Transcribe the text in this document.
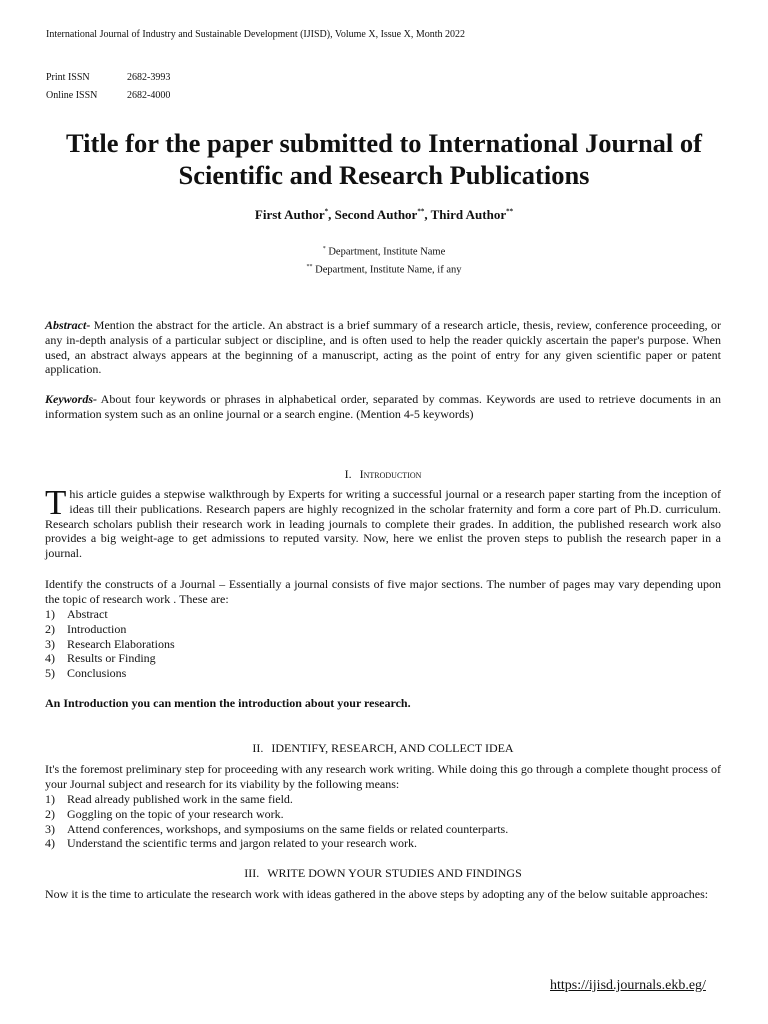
International Journal of Industry and Sustainable Development (IJISD), Volume X, Issue X, Month 2022
Print ISSN	2682-3993
Online ISSN	2682-4000
Title for the paper submitted to International Journal of
Scientific and Research Publications
First Author*, Second Author**, Third Author**
* Department, Institute Name
** Department, Institute Name, if any

Abstract- Mention the abstract for the article. An abstract is a brief summary of a research article, thesis, review, conference proceeding, or any in-depth analysis of a particular subject or discipline, and is often used to help the reader quickly ascertain the paper's purpose. When used, an abstract always appears at the beginning of a manuscript, acting as the point of entry for any given scientific paper or patent application.

Keywords- About four keywords or phrases in alphabetical order, separated by commas. Keywords are used to retrieve documents in an information system such as an online journal or a search engine. (Mention 4-5 keywords)

I. Introduction

This article guides a stepwise walkthrough by Experts for writing a successful journal or a research paper starting from the inception of ideas till their publications. Research papers are highly recognized in the scholar fraternity and form a core part of Ph.D. curriculum. Research scholars publish their research work in leading journals to complete their grades. In addition, the published research work also provides a big weight-age to get admissions to reputed varsity. Now, here we enlist the proven steps to publish the research paper in a journal.

Identify the constructs of a Journal – Essentially a journal consists of five major sections. The number of pages may vary depending upon the topic of research work . These are:

1)	Abstract
2)	Introduction
3)	Research Elaborations
4)	Results or Finding
5)	Conclusions
An Introduction you can mention the introduction about your research.
II. IDENTIFY, RESEARCH, AND COLLECT IDEA

It's the foremost preliminary step for proceeding with any research work writing. While doing this go through a complete thought process of your Journal subject and research for its viability by the following means:

1)	Read already published work in the same field.
2)	Goggling on the topic of your research work.
3)	Attend conferences, workshops, and symposiums on the same fields or related counterparts.
4)	Understand the scientific terms and jargon related to your research work.
III. WRITE DOWN YOUR STUDIES AND FINDINGS

Now it is the time to articulate the research work with ideas gathered in the above steps by adopting any of the below suitable approaches:

https://ijisd.journals.ekb.eg/
